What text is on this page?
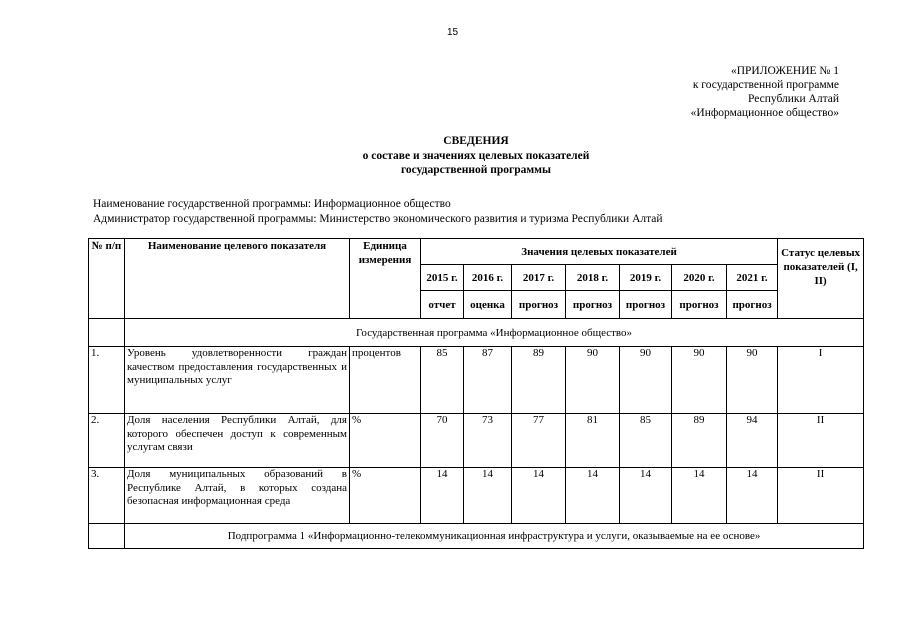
15
«ПРИЛОЖЕНИЕ № 1
к государственной программе
Республики Алтай
«Информационное общество»
СВЕДЕНИЯ
о составе и значениях целевых показателей
государственной программы
Наименование государственной программы: Информационное общество
Администратор государственной программы: Министерство экономического развития и туризма Республики Алтай
№ п/п	Наименование целевого показателя	Единица измерения	Значения целевых показателей							Статус целевых показателей (I, II)
			2015 г.	2016 г.	2017 г.	2018 г.	2019 г.	2020 г.	2021 г.	
			отчет	оценка	прогноз	прогноз	прогноз	прогноз	прогноз	
	Государственная программа «Информационное общество»									
1.	Уровень удовлетворенности граждан качеством предоставления государственных и муниципальных услуг	процентов	85	87	89	90	90	90	90	I
2.	Доля населения Республики Алтай, для которого обеспечен доступ к современным услугам связи	%	70	73	77	81	85	89	94	II
3.	Доля муниципальных образований в Республике Алтай, в которых создана безопасная информационная среда	%	14	14	14	14	14	14	14	II
	Подпрограмма 1 «Информационно-телекоммуникационная инфраструктура и услуги, оказываемые на ее основе»									
